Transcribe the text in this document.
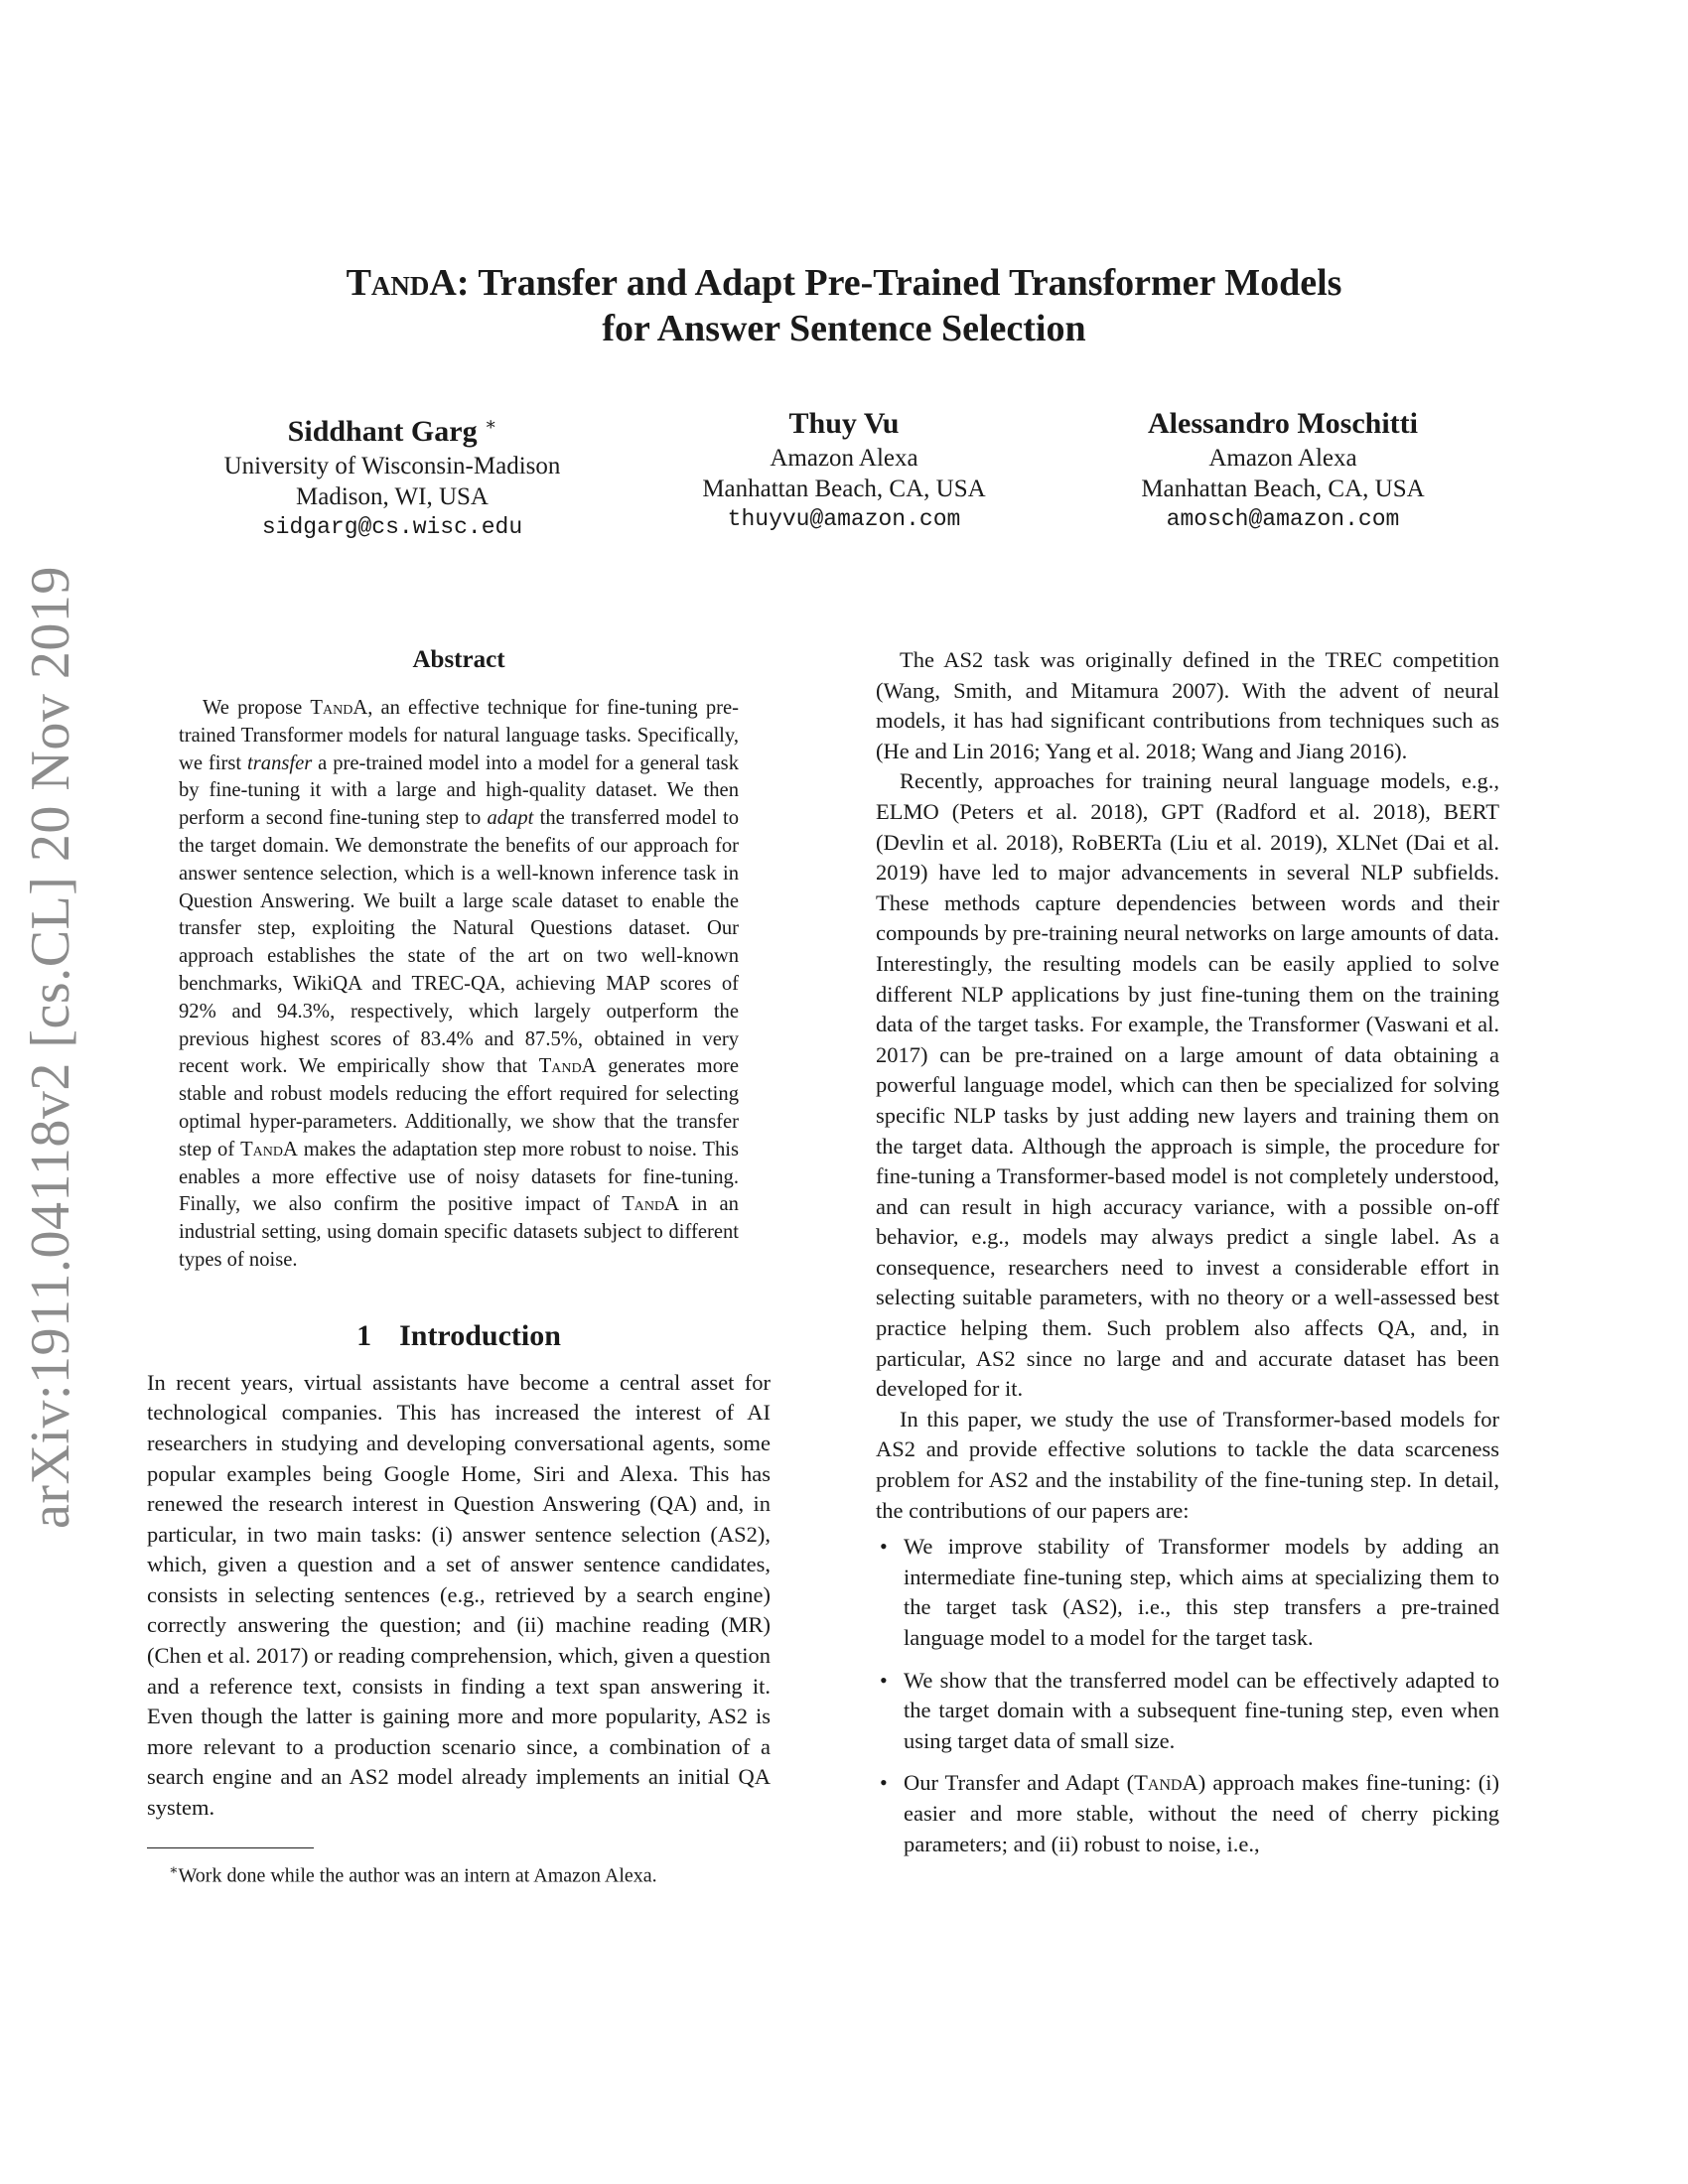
arXiv:1911.04118v2 [cs.CL] 20 Nov 2019
TandA: Transfer and Adapt Pre-Trained Transformer Models
for Answer Sentence Selection
Siddhant Garg ∗
University of Wisconsin-Madison
Madison, WI, USA
sidgarg@cs.wisc.edu
Thuy Vu
Amazon Alexa
Manhattan Beach, CA, USA
thuyvu@amazon.com
Alessandro Moschitti
Amazon Alexa
Manhattan Beach, CA, USA
amosch@amazon.com
Abstract

We propose TandA, an effective technique for fine-tuning pre-trained Transformer models for natural language tasks. Specifically, we first transfer a pre-trained model into a model for a general task by fine-tuning it with a large and high-quality dataset. We then perform a second fine-tuning step to adapt the transferred model to the target domain. We demonstrate the benefits of our approach for answer sentence selection, which is a well-known inference task in Question Answering. We built a large scale dataset to enable the transfer step, exploiting the Natural Questions dataset. Our approach establishes the state of the art on two well-known benchmarks, WikiQA and TREC-QA, achieving MAP scores of 92% and 94.3%, respectively, which largely outperform the previous highest scores of 83.4% and 87.5%, obtained in very recent work. We empirically show that TandA generates more stable and robust models reducing the effort required for selecting optimal hyper-parameters. Additionally, we show that the transfer step of TandA makes the adaptation step more robust to noise. This enables a more effective use of noisy datasets for fine-tuning. Finally, we also confirm the positive impact of TandA in an industrial setting, using domain specific datasets subject to different types of noise.

1 Introduction

In recent years, virtual assistants have become a central asset for technological companies. This has increased the interest of AI researchers in studying and developing conversational agents, some popular examples being Google Home, Siri and Alexa. This has renewed the research interest in Question Answering (QA) and, in particular, in two main tasks: (i) answer sentence selection (AS2), which, given a question and a set of answer sentence candidates, consists in selecting sentences (e.g., retrieved by a search engine) correctly answering the question; and (ii) machine reading (MR) (Chen et al. 2017) or reading comprehension, which, given a question and a reference text, consists in finding a text span answering it. Even though the latter is gaining more and more popularity, AS2 is more relevant to a production scenario since, a combination of a search engine and an AS2 model already implements an initial QA system.

∗Work done while the author was an intern at Amazon Alexa.

The AS2 task was originally defined in the TREC competition (Wang, Smith, and Mitamura 2007). With the advent of neural models, it has had significant contributions from techniques such as (He and Lin 2016; Yang et al. 2018; Wang and Jiang 2016).

Recently, approaches for training neural language models, e.g., ELMO (Peters et al. 2018), GPT (Radford et al. 2018), BERT (Devlin et al. 2018), RoBERTa (Liu et al. 2019), XLNet (Dai et al. 2019) have led to major advancements in several NLP subfields. These methods capture dependencies between words and their compounds by pre-training neural networks on large amounts of data. Interestingly, the resulting models can be easily applied to solve different NLP applications by just fine-tuning them on the training data of the target tasks. For example, the Transformer (Vaswani et al. 2017) can be pre-trained on a large amount of data obtaining a powerful language model, which can then be specialized for solving specific NLP tasks by just adding new layers and training them on the target data. Although the approach is simple, the procedure for fine-tuning a Transformer-based model is not completely understood, and can result in high accuracy variance, with a possible on-off behavior, e.g., models may always predict a single label. As a consequence, researchers need to invest a considerable effort in selecting suitable parameters, with no theory or a well-assessed best practice helping them. Such problem also affects QA, and, in particular, AS2 since no large and and accurate dataset has been developed for it.

In this paper, we study the use of Transformer-based models for AS2 and provide effective solutions to tackle the data scarceness problem for AS2 and the instability of the fine-tuning step. In detail, the contributions of our papers are:

• We improve stability of Transformer models by adding an intermediate fine-tuning step, which aims at specializing them to the target task (AS2), i.e., this step transfers a pre-trained language model to a model for the target task.
• We show that the transferred model can be effectively adapted to the target domain with a subsequent fine-tuning step, even when using target data of small size.
• Our Transfer and Adapt (TandA) approach makes fine-tuning: (i) easier and more stable, without the need of cherry picking parameters; and (ii) robust to noise, i.e.,
